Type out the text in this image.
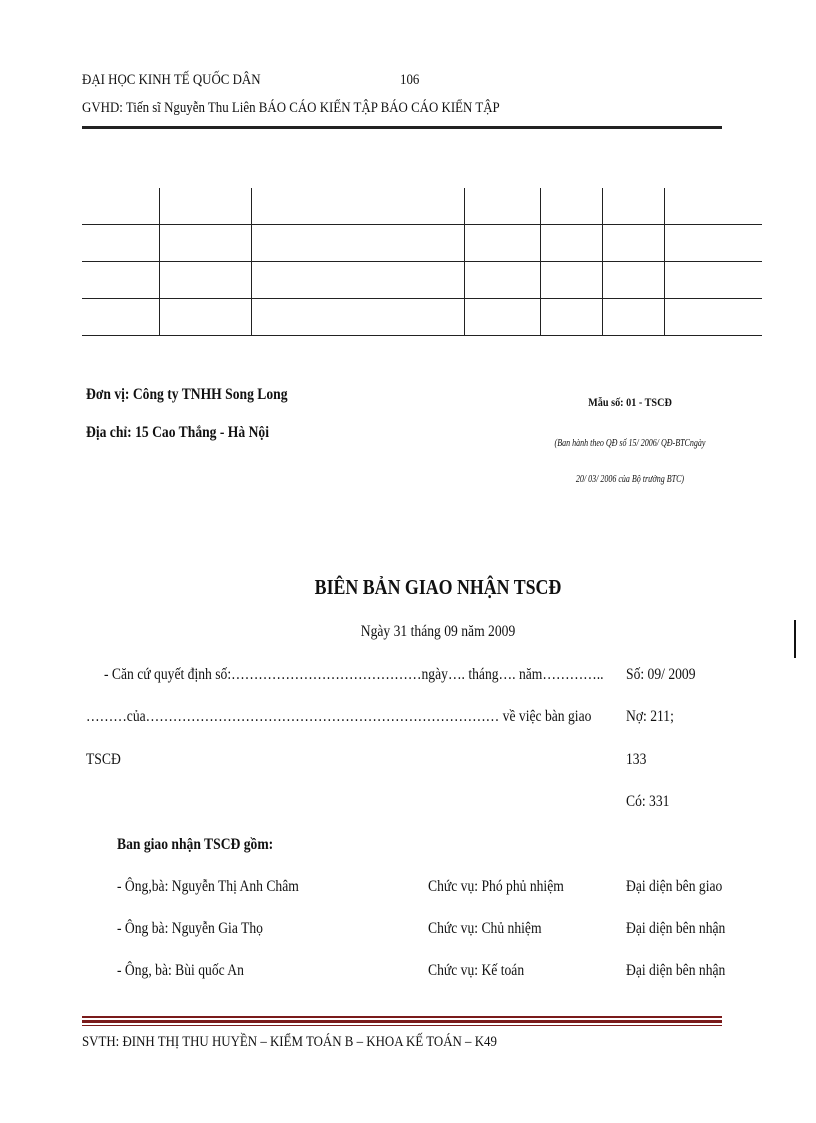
ĐẠI HỌC KINH TẾ QUỐC DÂN	106
GVHD: Tiến sĩ Nguyễn Thu Liên BÁO CÁO KIẾN TẬP BÁO CÁO KIẾN TẬP

Đơn vị: Công ty TNHH Song Long
Địa chỉ: 15 Cao Thắng - Hà Nội
Mẫu số: 01 - TSCĐ
(Ban hành theo QĐ số 15/ 2006/ QĐ-BTCngày
20/ 03/ 2006 của Bộ trưởng BTC)
BIÊN BẢN GIAO NHẬN TSCĐ
Ngày 31 tháng 09 năm 2009
- Căn cứ quyết định số:……………………………………ngày…. tháng…. năm…………..
………của…………………………………………………………………… về việc bàn giao
TSCĐ
Số: 09/ 2009
Nợ: 211;
133
Có: 331
Ban giao nhận TSCĐ gồm:
- Ông,bà: Nguyễn Thị Anh Châm	Chức vụ: Phó phủ nhiệm	Đại diện bên giao
- Ông bà: Nguyễn Gia Thọ	Chức vụ: Chủ nhiệm	Đại diện bên nhận
- Ông, bà: Bùi quốc An	Chức vụ: Kế toán	Đại diện bên nhận
SVTH: ĐINH THỊ THU HUYỀN – KIỂM TOÁN B – KHOA KẾ TOÁN – K49
